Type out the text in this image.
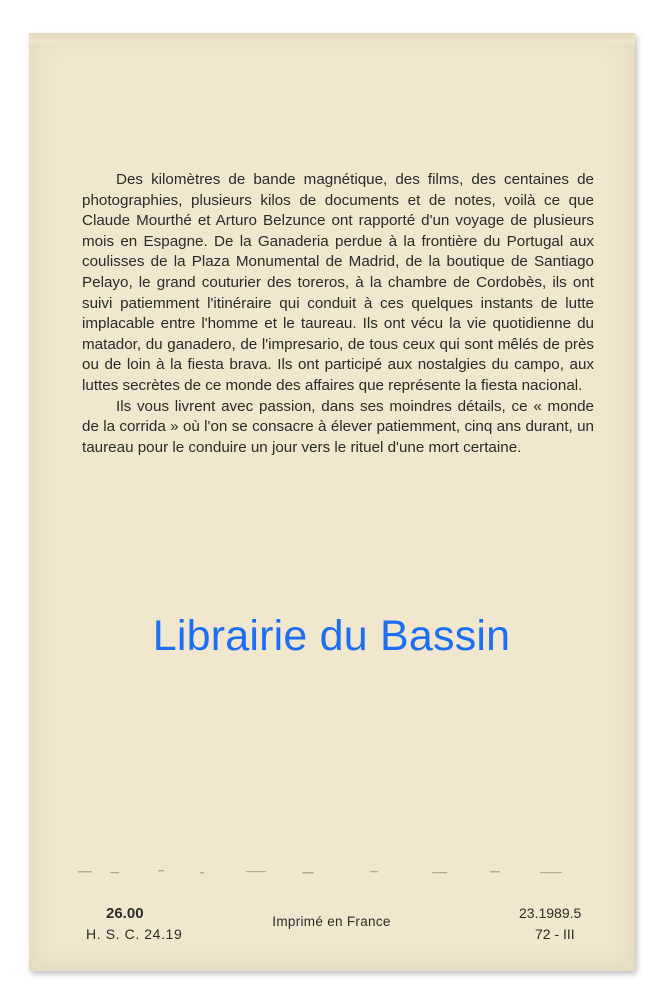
Des kilomètres de bande magnétique, des films, des centaines de photographies, plusieurs kilos de documents et de notes, voilà ce que Claude Mourthé et Arturo Belzunce ont rapporté d'un voyage de plusieurs mois en Espagne. De la Ganaderia perdue à la frontière du Portugal aux coulisses de la Plaza Monumental de Madrid, de la boutique de Santiago Pelayo, le grand couturier des toreros, à la chambre de Cordobès, ils ont suivi patiemment l'itinéraire qui conduit à ces quelques instants de lutte implacable entre l'homme et le taureau. Ils ont vécu la vie quotidienne du matador, du ganadero, de l'impresario, de tous ceux qui sont mêlés de près ou de loin à la fiesta brava. Ils ont participé aux nostalgies du campo, aux luttes secrètes de ce monde des affaires que représente la fiesta nacional.

Ils vous livrent avec passion, dans ses moindres détails, ce « monde de la corrida » où l'on se consacre à élever patiemment, cinq ans durant, un taureau pour le conduire un jour vers le rituel d'une mort certaine.

Librairie du Bassin
26.00
H. S. C. 24.19
Imprimé en France
23.1989.5
72 - III
